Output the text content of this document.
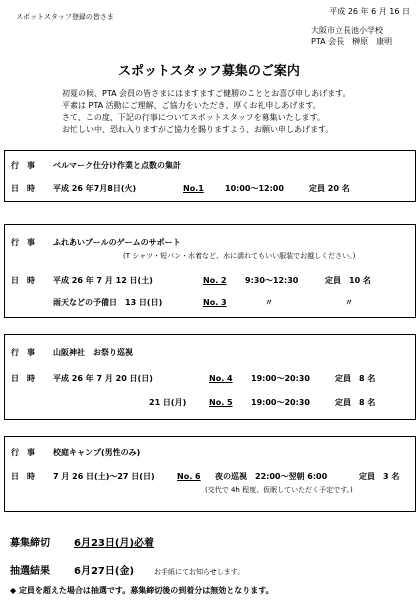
スポットスタッフ登録の皆さま
平成 26 年 6 月 16 日
大阪市立長池小学校
PTA 会長　榊原　康明
スポットスタッフ募集のご案内
初夏の候、PTA 会員の皆さまにはますますご健勝のこととお喜び申しあげます。
平素は PTA 活動にご理解、ご協力をいただき、厚くお礼申しあげます。
さて、この度、下記の行事についてスポットスタッフを募集いたします。
お忙しい中、恐れ入りますがご協力を賜りますよう、お願い申しあげます。
行　事 ベルマーク仕分け作業と点数の集計
日　時 平成 26 年7月8日(火)	No.1	10:00～12:00	定員 20 名
行　事 ふれあいプールのゲームのサポート
(T シャツ・短パン・水着など、水に濡れてもいい服装でお越しください。)
日　時 平成 26 年 7 月 12 日(土)	No. 2 9:30～12:30	定員　10 名
雨天などの予備日　13 日(日)	No. 3	〃	〃
行　事 山阪神社　お祭り巡視
日　時 平成 26 年 7 月 20 日(日)	No. 4 19:00～20:30	定員　8 名
21 日(月)	No. 5 19:00～20:30	定員　8 名
行　事 校庭キャンプ(男性のみ)
日　時 7 月 26 日(土)～27 日(日)	No. 6 夜の巡視　22:00～翌朝 6:00	定員　3 名
(交代で 4h 程度、仮眠していただく予定です。)
募集締切 6月23日(月)必着
抽選結果 6月27日(金)	お手紙にてお知らせします。
◆ 定員を超えた場合は抽選です。募集締切後の到着分は無効となります。
